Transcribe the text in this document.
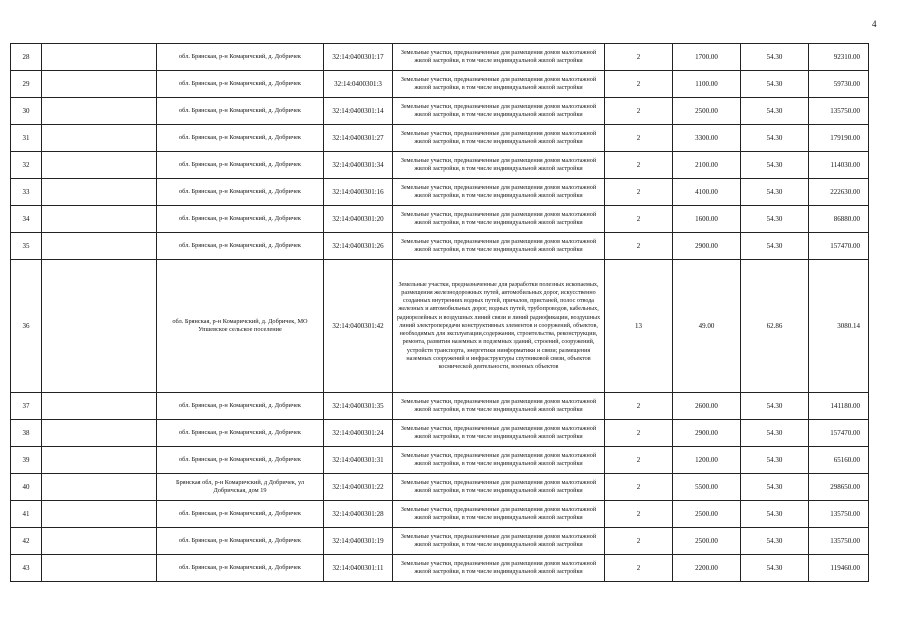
4
28		обл. Брянская, р-н Комаричский, д. Добричек	32:14:0400301:17	Земельные участки, предназначенные для размещения домов малоэтажной жилой застройки, в том числе индивидуальной жилой застройки	2	1700.00	54.30	92310.00
29		обл. Брянская, р-н Комаричский, д. Добричек	32:14:0400301:3	Земельные участки, предназначенные для размещения домов малоэтажной жилой застройки, в том числе индивидуальной жилой застройки	2	1100.00	54.30	59730.00
30		обл. Брянская, р-н Комаричский, д. Добричек	32:14:0400301:14	Земельные участки, предназначенные для размещения домов малоэтажной жилой застройки, в том числе индивидуальной жилой застройки	2	2500.00	54.30	135750.00
31		обл. Брянская, р-н Комаричский, д. Добричек	32:14:0400301:27	Земельные участки, предназначенные для размещения домов малоэтажной жилой застройки, в том числе индивидуальной жилой застройки	2	3300.00	54.30	179190.00
32		обл. Брянская, р-н Комаричский, д. Добричек	32:14:0400301:34	Земельные участки, предназначенные для размещения домов малоэтажной жилой застройки, в том числе индивидуальной жилой застройки	2	2100.00	54.30	114030.00
33		обл. Брянская, р-н Комаричский, д. Добричек	32:14:0400301:16	Земельные участки, предназначенные для размещения домов малоэтажной жилой застройки, в том числе индивидуальной жилой застройки	2	4100.00	54.30	222630.00
34		обл. Брянская, р-н Комаричский, д. Добричек	32:14:0400301:20	Земельные участки, предназначенные для размещения домов малоэтажной жилой застройки, в том числе индивидуальной жилой застройки	2	1600.00	54.30	86880.00
35		обл. Брянская, р-н Комаричский, д. Добричек	32:14:0400301:26	Земельные участки, предназначенные для размещения домов малоэтажной жилой застройки, в том числе индивидуальной жилой застройки	2	2900.00	54.30	157470.00
36		обл. Брянская, р-н Комаричский, д. Добричек, МО Упшевское сельское поселение	32:14:0400301:42	Земельные участки, предназначенные для разработки полезных ископаемых, размещения железнодорожных путей, автомобильных дорог, искусственно созданных внутренних водных путей, причалов, пристаней, полос отвода железных и автомобильных дорог, водных путей, трубопроводов, кабельных, радиорелейных и воздушных линий связи и линий радиофикации, воздушных линий электропередачи конструктивных элементов и сооружений, объектов, необходимых для эксплуатации,содержания, строительства, реконструкции, ремонта, развития наземных и подземных зданий, строений, сооружений, устройств транспорта, энергетики иинформатики и связи; размещения наземных сооружений и инфраструктуры спутниковой связи, объектов космической деятельности, военных объектов	13	49.00	62.86	3080.14
37		обл. Брянская, р-н Комаричский, д. Добричек	32:14:0400301:35	Земельные участки, предназначенные для размещения домов малоэтажной жилой застройки, в том числе индивидуальной жилой застройки	2	2600.00	54.30	141180.00
38		обл. Брянская, р-н Комаричский, д. Добричек	32:14:0400301:24	Земельные участки, предназначенные для размещения домов малоэтажной жилой застройки, в том числе индивидуальной жилой застройки	2	2900.00	54.30	157470.00
39		обл. Брянская, р-н Комаричский, д. Добричек	32:14:0400301:31	Земельные участки, предназначенные для размещения домов малоэтажной жилой застройки, в том числе индивидуальной жилой застройки	2	1200.00	54.30	65160.00
40		Брянская обл, р-н Комаричский, д Добричек, ул Добричская, дом 19	32:14:0400301:22	Земельные участки, предназначенные для размещения домов малоэтажной жилой застройки, в том числе индивидуальной жилой застройки	2	5500.00	54.30	298650.00
41		обл. Брянская, р-н Комаричский, д. Добричек	32:14:0400301:28	Земельные участки, предназначенные для размещения домов малоэтажной жилой застройки, в том числе индивидуальной жилой застройки	2	2500.00	54.30	135750.00
42		обл. Брянская, р-н Комаричский, д. Добричек	32:14:0400301:19	Земельные участки, предназначенные для размещения домов малоэтажной жилой застройки, в том числе индивидуальной жилой застройки	2	2500.00	54.30	135750.00
43		обл. Брянская, р-н Комаричский, д. Добричек	32:14:0400301:11	Земельные участки, предназначенные для размещения домов малоэтажной жилой застройки, в том числе индивидуальной жилой застройки	2	2200.00	54.30	119460.00
